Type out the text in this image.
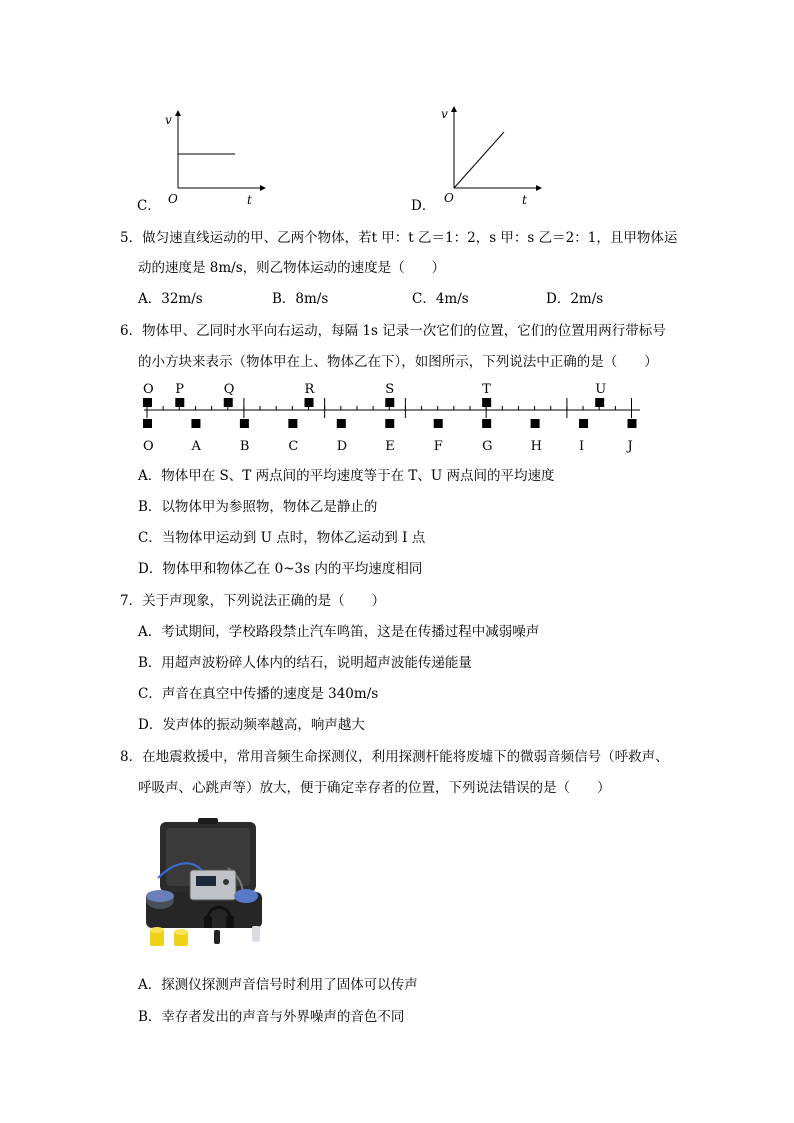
C．
v
O	t	D．
v
O	t
5．做匀速直线运动的甲、乙两个物体，若t 甲：t 乙＝1：2，s 甲：s 乙＝2：1，且甲物体运
动的速度是 8m/s，则乙物体运动的速度是（　　）
A．32m/s	B．8m/s	C．4m/s	D．2m/s
6．物体甲、乙同时水平向右运动，每隔 1s 记录一次它们的位置，它们的位置用两行带标号
的小方块来表示（物体甲在上、物体乙在下），如图所示，下列说法中正确的是（　　）
O P	Q	R	S	T	U
O	A	B	C	D	E	F	G	H	I	J
A．物体甲在 S、T 两点间的平均速度等于在 T、U 两点间的平均速度
B．以物体甲为参照物，物体乙是静止的
C．当物体甲运动到 U 点时，物体乙运动到 I 点
D．物体甲和物体乙在 0~3s 内的平均速度相同
7．关于声现象，下列说法正确的是（　　）
A．考试期间，学校路段禁止汽车鸣笛，这是在传播过程中减弱噪声
B．用超声波粉碎人体内的结石，说明超声波能传递能量
C．声音在真空中传播的速度是 340m/s
D．发声体的振动频率越高，响声越大
8．在地震救援中，常用音频生命探测仪，利用探测杆能将废墟下的微弱音频信号（呼救声、
呼吸声、心跳声等）放大，便于确定幸存者的位置，下列说法错误的是（　　）
A．探测仪探测声音信号时利用了固体可以传声
B．幸存者发出的声音与外界噪声的音色不同
